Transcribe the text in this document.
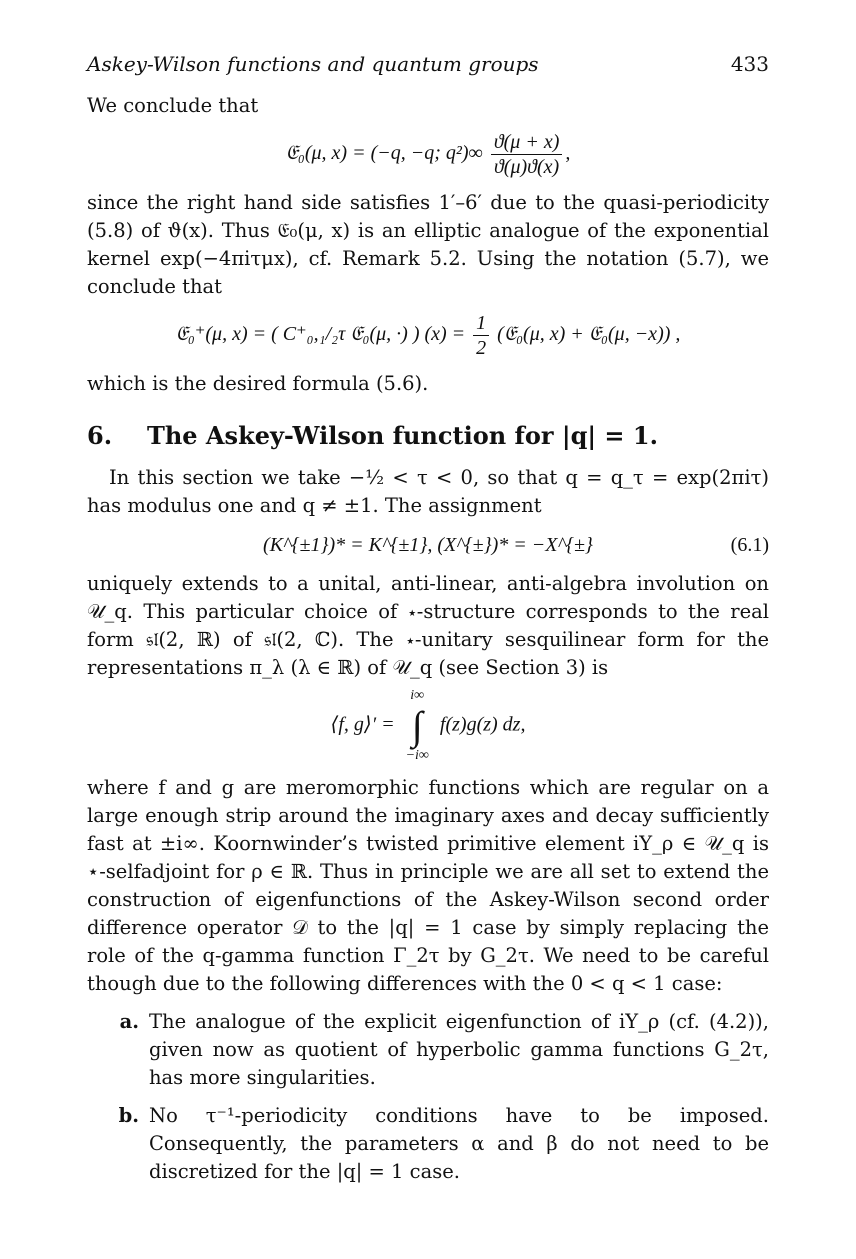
Askey-Wilson functions and quantum groups	433

We conclude that

𝔈₀(μ, x) = (−q, −q; $q^2)\infty \frac{ϑ(\mu + x)}{ϑ(\mu)ϑ(x)}$ ,

since the right hand side satisfies 1′–6′ due to the quasi-periodicity (5.8) of ϑ(x). Thus 𝔈₀(μ, x) is an elliptic analogue of the exponential kernel exp(−4πiτμx), cf. Remark 5.2. Using the notation (5.7), we conclude that

𝔈₀⁺(μ, x) = ( C⁺₀,₁/₂τ 𝔈₀(μ, ·) ) $(x) = \frac{1}{2}$ (𝔈₀(μ, x) + 𝔈₀(μ, −x)) ,

which is the desired formula (5.6).

6. The Askey-Wilson function for |q| = 1.

In this section we take −½ < τ < 0, so that q = q_τ = exp(2πiτ) has modulus one and q ≠ ±1. The assignment

(K^{±1})* = K^{±1}, (X^{±})* = −X^{±}	(6.1)

uniquely extends to a unital, anti-linear, anti-algebra involution on 𝒰_q. This particular choice of ⋆-structure corresponds to the real form 𝔰𝔩(2, ℝ) of 𝔰𝔩(2, ℂ). The ⋆-unitary sesquilinear form for the representations π_λ (λ ∈ ℝ) of 𝒰_q (see Section 3) is

⟨f, g⟩′ =
i∞
∫
−i∞
f(z)g(z) dz,

where f and g are meromorphic functions which are regular on a large enough strip around the imaginary axes and decay sufficiently fast at ±i∞. Koornwinder’s twisted primitive element iY_ρ ∈ 𝒰_q is ⋆-selfadjoint for ρ ∈ ℝ. Thus in principle we are all set to extend the construction of eigenfunctions of the Askey-Wilson second order difference operator 𝒟 to the |q| = 1 case by simply replacing the role of the q-gamma function Γ_2τ by G_2τ. We need to be careful though due to the following differences with the 0 < q < 1 case:

a. The analogue of the explicit eigenfunction of iY_ρ (cf. (4.2)), given now as quotient of hyperbolic gamma functions G_2τ, has more singularities.
b. No τ⁻¹-periodicity conditions have to be imposed. Consequently, the parameters α and β do not need to be discretized for the |q| = 1 case.
